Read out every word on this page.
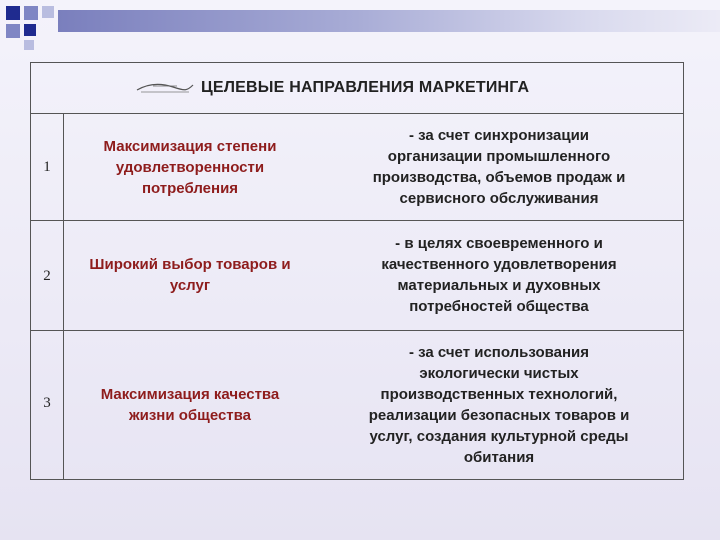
ЦЕЛЕВЫЕ НАПРАВЛЕНИЯ МАРКЕТИНГА
1
Максимизация степени удовлетворенности потребления
- за счет синхронизации
организации промышленного
производства, объемов продаж и
сервисного обслуживания
2
Широкий выбор товаров и услуг
- в целях своевременного и
качественного удовлетворения
материальных и духовных
потребностей общества
3	Максимизация качества жизни общества
- за счет использования
экологически чистых
производственных технологий,
реализации безопасных товаров и
услуг, создания культурной среды
обитания
